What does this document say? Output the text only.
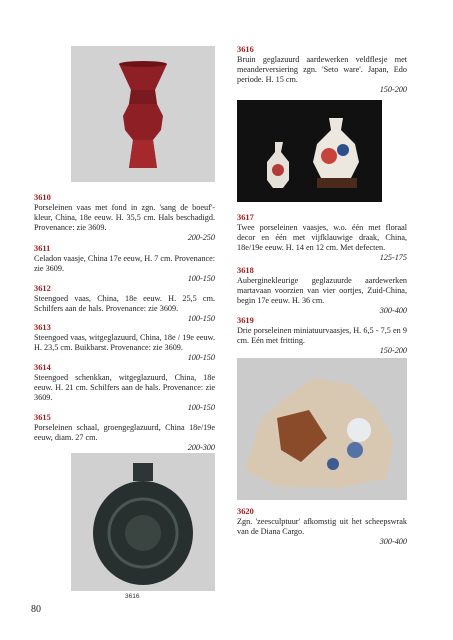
3610
Porseleinen vaas met fond in zgn. 'sang de boeuf'-kleur, China, 18e eeuw. H. 35,5 cm. Hals beschadigd. Provenance: zie 3609.
200-250
3611
Celadon vaasje, China 17e eeuw, H. 7 cm. Provenance: zie 3609.
100-150
3612
Steengoed vaas, China, 18e eeuw. H. 25,5 cm. Schilfers aan de hals. Provenance: zie 3609.
100-150
3613
Steengoed vaas, witgeglazuurd, China, 18e / 19e eeuw. H. 23,5 cm. Buikbarst. Provenance: zie 3609.
100-150
3614
Steengoed schenkkan, witgeglazuurd, China, 18e eeuw. H. 21 cm. Schilfers aan de hals. Provenance: zie 3609.
100-150
3615
Porseleinen schaal, groengeglazuurd, China 18e/19e eeuw, diam. 27 cm.
200-300
3616
Bruin geglazuurd aardewerken veldflesje met meanderversiering zgn. 'Seto ware'. Japan, Edo periode. H. 15 cm.
150-200
3617
Twee porseleinen vaasjes, w.o. één met floraal decor en één met vijfklauwige draak, China, 18e/19e eeuw. H. 14 en 12 cm. Met defecten.
125-175
3618
Auberginekleurige geglazuurde aardewerken martavaan voorzien van vier oortjes, Zuid-China, begin 17e eeuw. H. 36 cm.
300-400
3619
Drie porseleinen miniatuurvaasjes, H. 6,5 - 7,5 en 9 cm. Eén met fritting.
150-200
3620
Zgn. 'zeesculptuur' afkomstig uit het scheepswrak van de Diana Cargo.
300-400
3616
80
